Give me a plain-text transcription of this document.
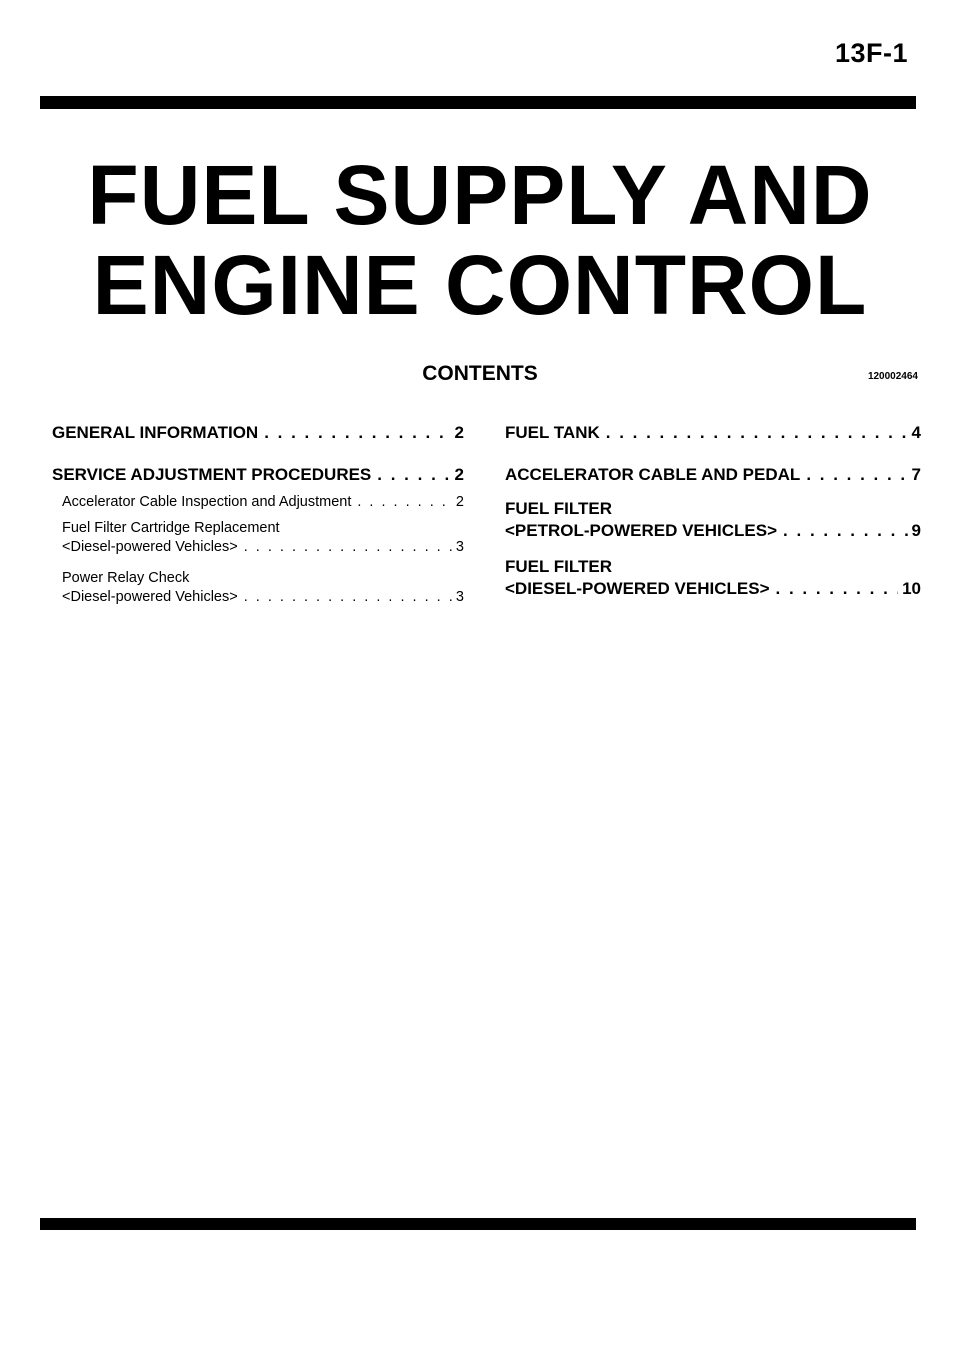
13F-1
FUEL SUPPLY AND
ENGINE CONTROL
CONTENTS	120002464
GENERAL INFORMATION . . .	2
SERVICE ADJUSTMENT PROCEDURES . . .	2
Accelerator Cable Inspection and Adjustment . . .	2
Fuel Filter Cartridge Replacement
<Diesel-powered Vehicles> . . .	3
Power Relay Check
<Diesel-powered Vehicles> . . .	3
FUEL TANK . . .	4
ACCELERATOR CABLE AND PEDAL . . .	7
FUEL FILTER
<PETROL-POWERED VEHICLES> . . .	9
FUEL FILTER
<DIESEL-POWERED VEHICLES> . . .	10
